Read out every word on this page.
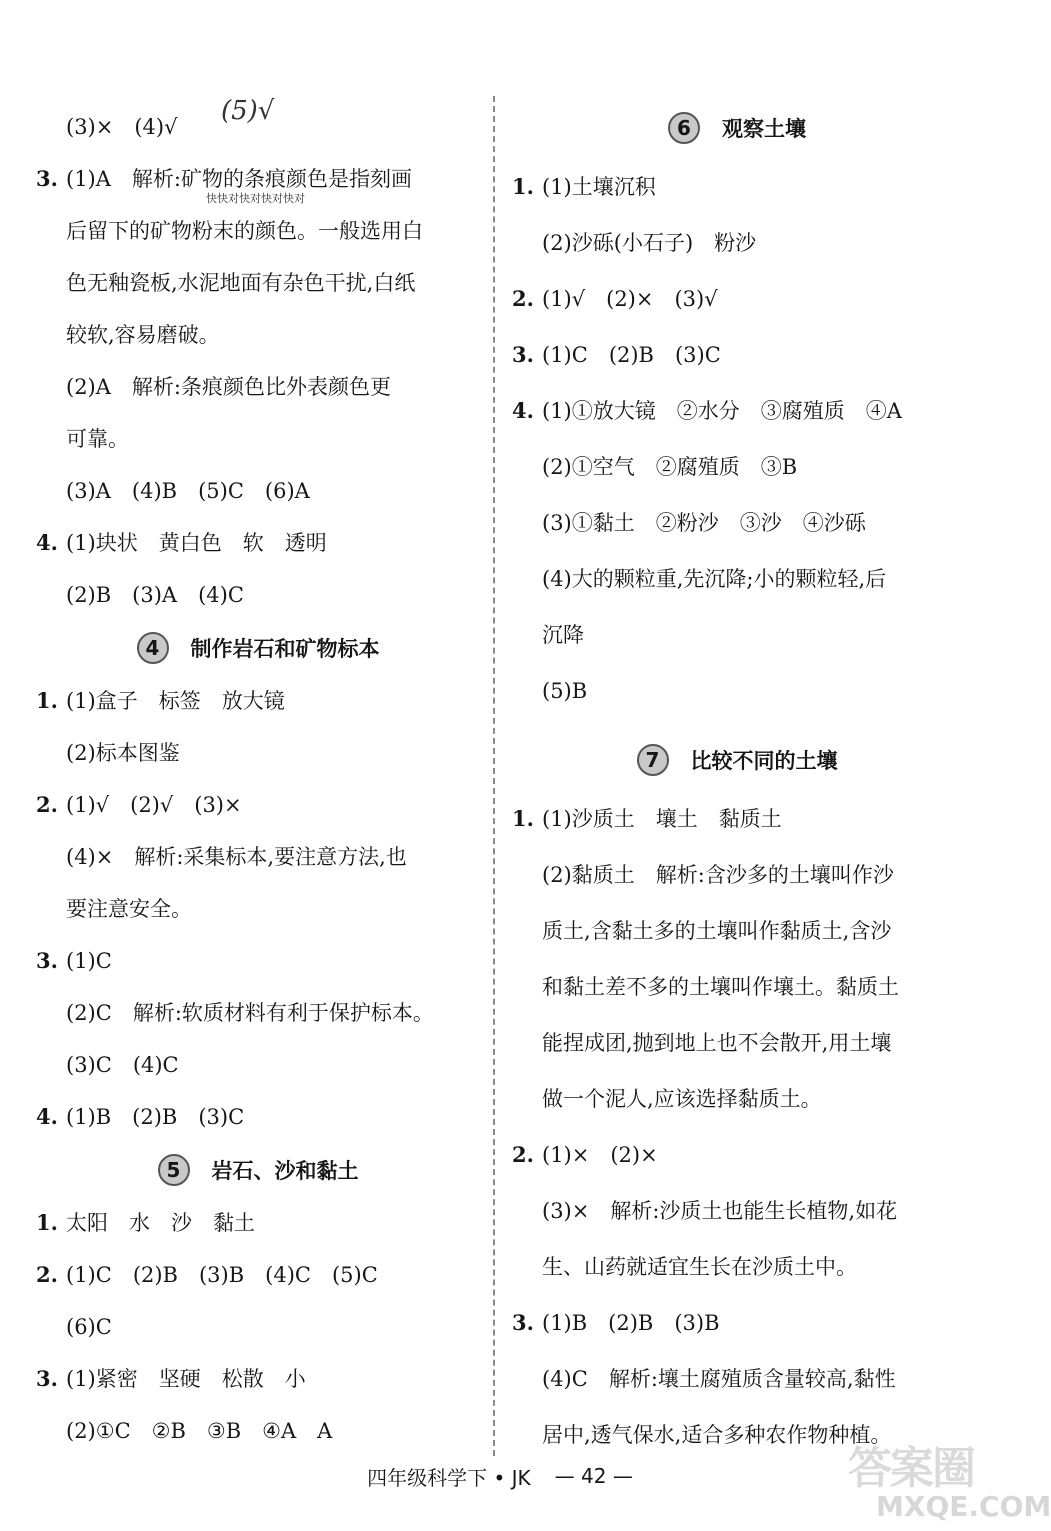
(3)×　(4)√
(5)√
3. (1)A　解析:矿物的条痕颜色是指刻画
快快对快对快对快对
后留下的矿物粉末的颜色。一般选用白
色无釉瓷板,水泥地面有杂色干扰,白纸
较软,容易磨破。
(2)A　解析:条痕颜色比外表颜色更
可靠。
(3)A　(4)B　(5)C　(6)A
4. (1)块状　黄白色　软　透明
(2)B　(3)A　(4)C
4	制作岩石和矿物标本
1. (1)盒子　标签　放大镜
(2)标本图鉴
2. (1)√　(2)√　(3)×
(4)×　解析:采集标本,要注意方法,也
要注意安全。
3. (1)C
(2)C　解析:软质材料有利于保护标本。
(3)C　(4)C
4. (1)B　(2)B　(3)C
5	岩石、沙和黏土
1. 太阳　水　沙　黏土
2. (1)C　(2)B　(3)B　(4)C　(5)C
(6)C
3. (1)紧密　坚硬　松散　小
(2)①C　②B　③B　④A　A
6	观察土壤
1. (1)土壤沉积
(2)沙砾(小石子)　粉沙
2. (1)√　(2)×　(3)√
3. (1)C　(2)B　(3)C
4. (1)①放大镜　②水分　③腐殖质　④A
(2)①空气　②腐殖质　③B
(3)①黏土　②粉沙　③沙　④沙砾
(4)大的颗粒重,先沉降;小的颗粒轻,后
沉降
(5)B
7	比较不同的土壤
1. (1)沙质土　壤土　黏质土
(2)黏质土　解析:含沙多的土壤叫作沙
质土,含黏土多的土壤叫作黏质土,含沙
和黏土差不多的土壤叫作壤土。黏质土
能捏成团,抛到地上也不会散开,用土壤
做一个泥人,应该选择黏质土。
2. (1)×　(2)×
(3)×　解析:沙质土也能生长植物,如花
生、山药就适宜生长在沙质土中。
3. (1)B　(2)B　(3)B
(4)C　解析:壤土腐殖质含量较高,黏性
居中,透气保水,适合多种农作物种植。
四年级科学下 • JK — 42 —	答案圈
MXQE.COM
